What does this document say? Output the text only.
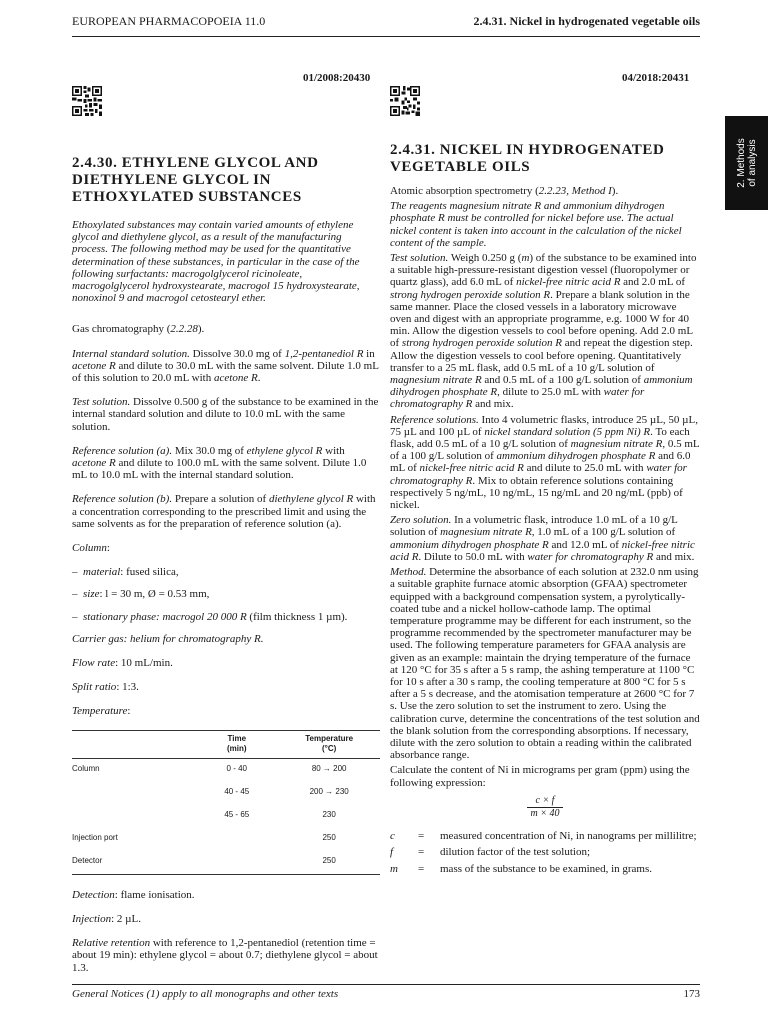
EUROPEAN PHARMACOPOEIA 11.0	2.4.31. Nickel in hydrogenated vegetable oils
2. Methods
of analysis
01/2008:20430
2.4.30. ETHYLENE GLYCOL AND DIETHYLENE GLYCOL IN ETHOXYLATED SUBSTANCES

Ethoxylated substances may contain varied amounts of ethylene glycol and diethylene glycol, as a result of the manufacturing process. The following method may be used for the quantitative determination of these substances, in particular in the case of the following surfactants: macrogolglycerol ricinoleate, macrogolglycerol hydroxystearate, macrogol 15 hydroxystearate, nonoxinol 9 and macrogol cetostearyl ether.

Gas chromatography (2.2.28).

Internal standard solution. Dissolve 30.0 mg of 1,2-pentanediol R in acetone R and dilute to 30.0 mL with the same solvent. Dilute 1.0 mL of this solution to 20.0 mL with acetone R.

Test solution. Dissolve 0.500 g of the substance to be examined in the internal standard solution and dilute to 10.0 mL with the same solution.

Reference solution (a). Mix 30.0 mg of ethylene glycol R with acetone R and dilute to 100.0 mL with the same solvent. Dilute 1.0 mL to 10.0 mL with the internal standard solution.

Reference solution (b). Prepare a solution of diethylene glycol R with a concentration corresponding to the prescribed limit and using the same solvents as for the preparation of reference solution (a).

Column:

–  material: fused silica,

–  size: l = 30 m, Ø = 0.53 mm,

–  stationary phase: macrogol 20 000 R (film thickness 1 µm).

Carrier gas: helium for chromatography R.

Flow rate: 10 mL/min.

Split ratio: 1:3.

Temperature:

	Time
(min)	Temperature
(°C)
Column	0 - 40	80 → 200
	40 - 45	200 → 230
	45 - 65	230
Injection port		250
Detector		250

Detection: flame ionisation.

Injection: 2 µL.

Relative retention with reference to 1,2-pentanediol (retention time = about 19 min): ethylene glycol = about 0.7; diethylene glycol = about 1.3.

04/2018:20431
2.4.31. NICKEL IN HYDROGENATED VEGETABLE OILS

Atomic absorption spectrometry (2.2.23, Method I).

The reagents magnesium nitrate R and ammonium dihydrogen phosphate R must be controlled for nickel before use. The actual nickel content is taken into account in the calculation of the nickel content of the sample.

Test solution. Weigh 0.250 g (m) of the substance to be examined into a suitable high-pressure-resistant digestion vessel (fluoropolymer or quartz glass), add 6.0 mL of nickel-free nitric acid R and 2.0 mL of strong hydrogen peroxide solution R. Prepare a blank solution in the same manner. Place the closed vessels in a laboratory microwave oven and digest with an appropriate programme, e.g. 1000 W for 40 min. Allow the digestion vessels to cool before opening. Add 2.0 mL of strong hydrogen peroxide solution R and repeat the digestion step. Allow the digestion vessels to cool before opening. Quantitatively transfer to a 25 mL flask, add 0.5 mL of a 10 g/L solution of magnesium nitrate R and 0.5 mL of a 100 g/L solution of ammonium dihydrogen phosphate R, dilute to 25.0 mL with water for chromatography R and mix.

Reference solutions. Into 4 volumetric flasks, introduce 25 µL, 50 µL, 75 µL and 100 µL of nickel standard solution (5 ppm Ni) R. To each flask, add 0.5 mL of a 10 g/L solution of magnesium nitrate R, 0.5 mL of a 100 g/L solution of ammonium dihydrogen phosphate R and 6.0 mL of nickel-free nitric acid R and dilute to 25.0 mL with water for chromatography R. Mix to obtain reference solutions containing respectively 5 ng/mL, 10 ng/mL, 15 ng/mL and 20 ng/mL (ppb) of nickel.

Zero solution. In a volumetric flask, introduce 1.0 mL of a 10 g/L solution of magnesium nitrate R, 1.0 mL of a 100 g/L solution of ammonium dihydrogen phosphate R and 12.0 mL of nickel-free nitric acid R. Dilute to 50.0 mL with water for chromatography R and mix.

Method. Determine the absorbance of each solution at 232.0 nm using a suitable graphite furnace atomic absorption (GFAA) spectrometer equipped with a background compensation system, a pyrolytically-coated tube and a nickel hollow-cathode lamp. The optimal temperature programme may be different for each instrument, so the programme recommended by the spectrometer manufacturer may be used. The following temperature parameters for GFAA analysis are given as an example: maintain the drying temperature of the furnace at 120 °C for 35 s after a 5 s ramp, the ashing temperature at 1100 °C for 10 s after a 30 s ramp, the cooling temperature at 800 °C for 5 s after a 5 s decrease, and the atomisation temperature at 2600 °C for 7 s. Use the zero solution to set the instrument to zero. Using the calibration curve, determine the concentrations of the test solution and the blank solution from the corresponding absorptions. If necessary, dilute with the zero solution to obtain a reading within the calibrated absorbance range.

Calculate the content of Ni in micrograms per gram (ppm) using the following expression:

$\frac{c \times f}{m \times 40}$
c	=	measured concentration of Ni, in nanograms per millilitre;
f	=	dilution factor of the test solution;
m	=	mass of the substance to be examined, in grams.
General Notices (1) apply to all monographs and other texts	173
